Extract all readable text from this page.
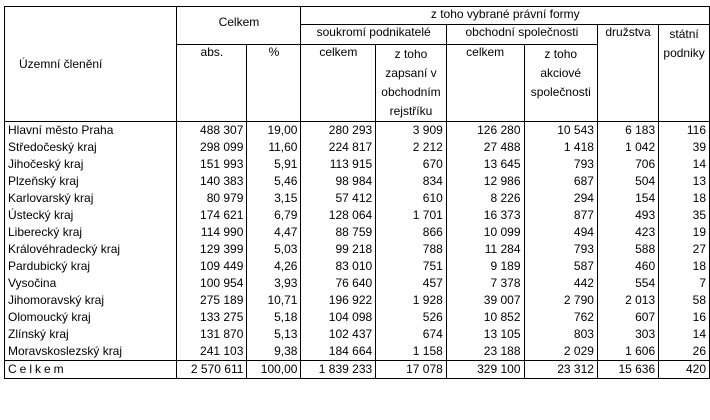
Územní členění	Celkem		z toho vybrané právní formy					
			soukromí podnikatelé		obchodní společnosti		družstva	státní podniky
	abs.	%	celkem	z toho zapsaní v obchodním rejstříku	celkem	z toho akciové společnosti		
Hlavní město Praha	488 307	19,00	280 293	3 909	126 280	10 543	6 183	116
Středočeský kraj	298 099	11,60	224 817	2 212	27 488	1 418	1 042	39
Jihočeský kraj	151 993	5,91	113 915	670	13 645	793	706	14
Plzeňský kraj	140 383	5,46	98 984	834	12 986	687	504	13
Karlovarský kraj	80 979	3,15	57 412	610	8 226	294	154	18
Ústecký kraj	174 621	6,79	128 064	1 701	16 373	877	493	35
Liberecký kraj	114 990	4,47	88 759	866	10 099	494	423	19
Královéhradecký kraj	129 399	5,03	99 218	788	11 284	793	588	27
Pardubický kraj	109 449	4,26	83 010	751	9 189	587	460	18
Vysočina	100 954	3,93	76 640	457	7 378	442	554	7
Jihomoravský kraj	275 189	10,71	196 922	1 928	39 007	2 790	2 013	58
Olomoucký kraj	133 275	5,18	104 098	526	10 852	762	607	16
Zlínský kraj	131 870	5,13	102 437	674	13 105	803	303	14
Moravskoslezský kraj	241 103	9,38	184 664	1 158	23 188	2 029	1 606	26
Celkem	2 570 611	100,00	1 839 233	17 078	329 100	23 312	15 636	420
